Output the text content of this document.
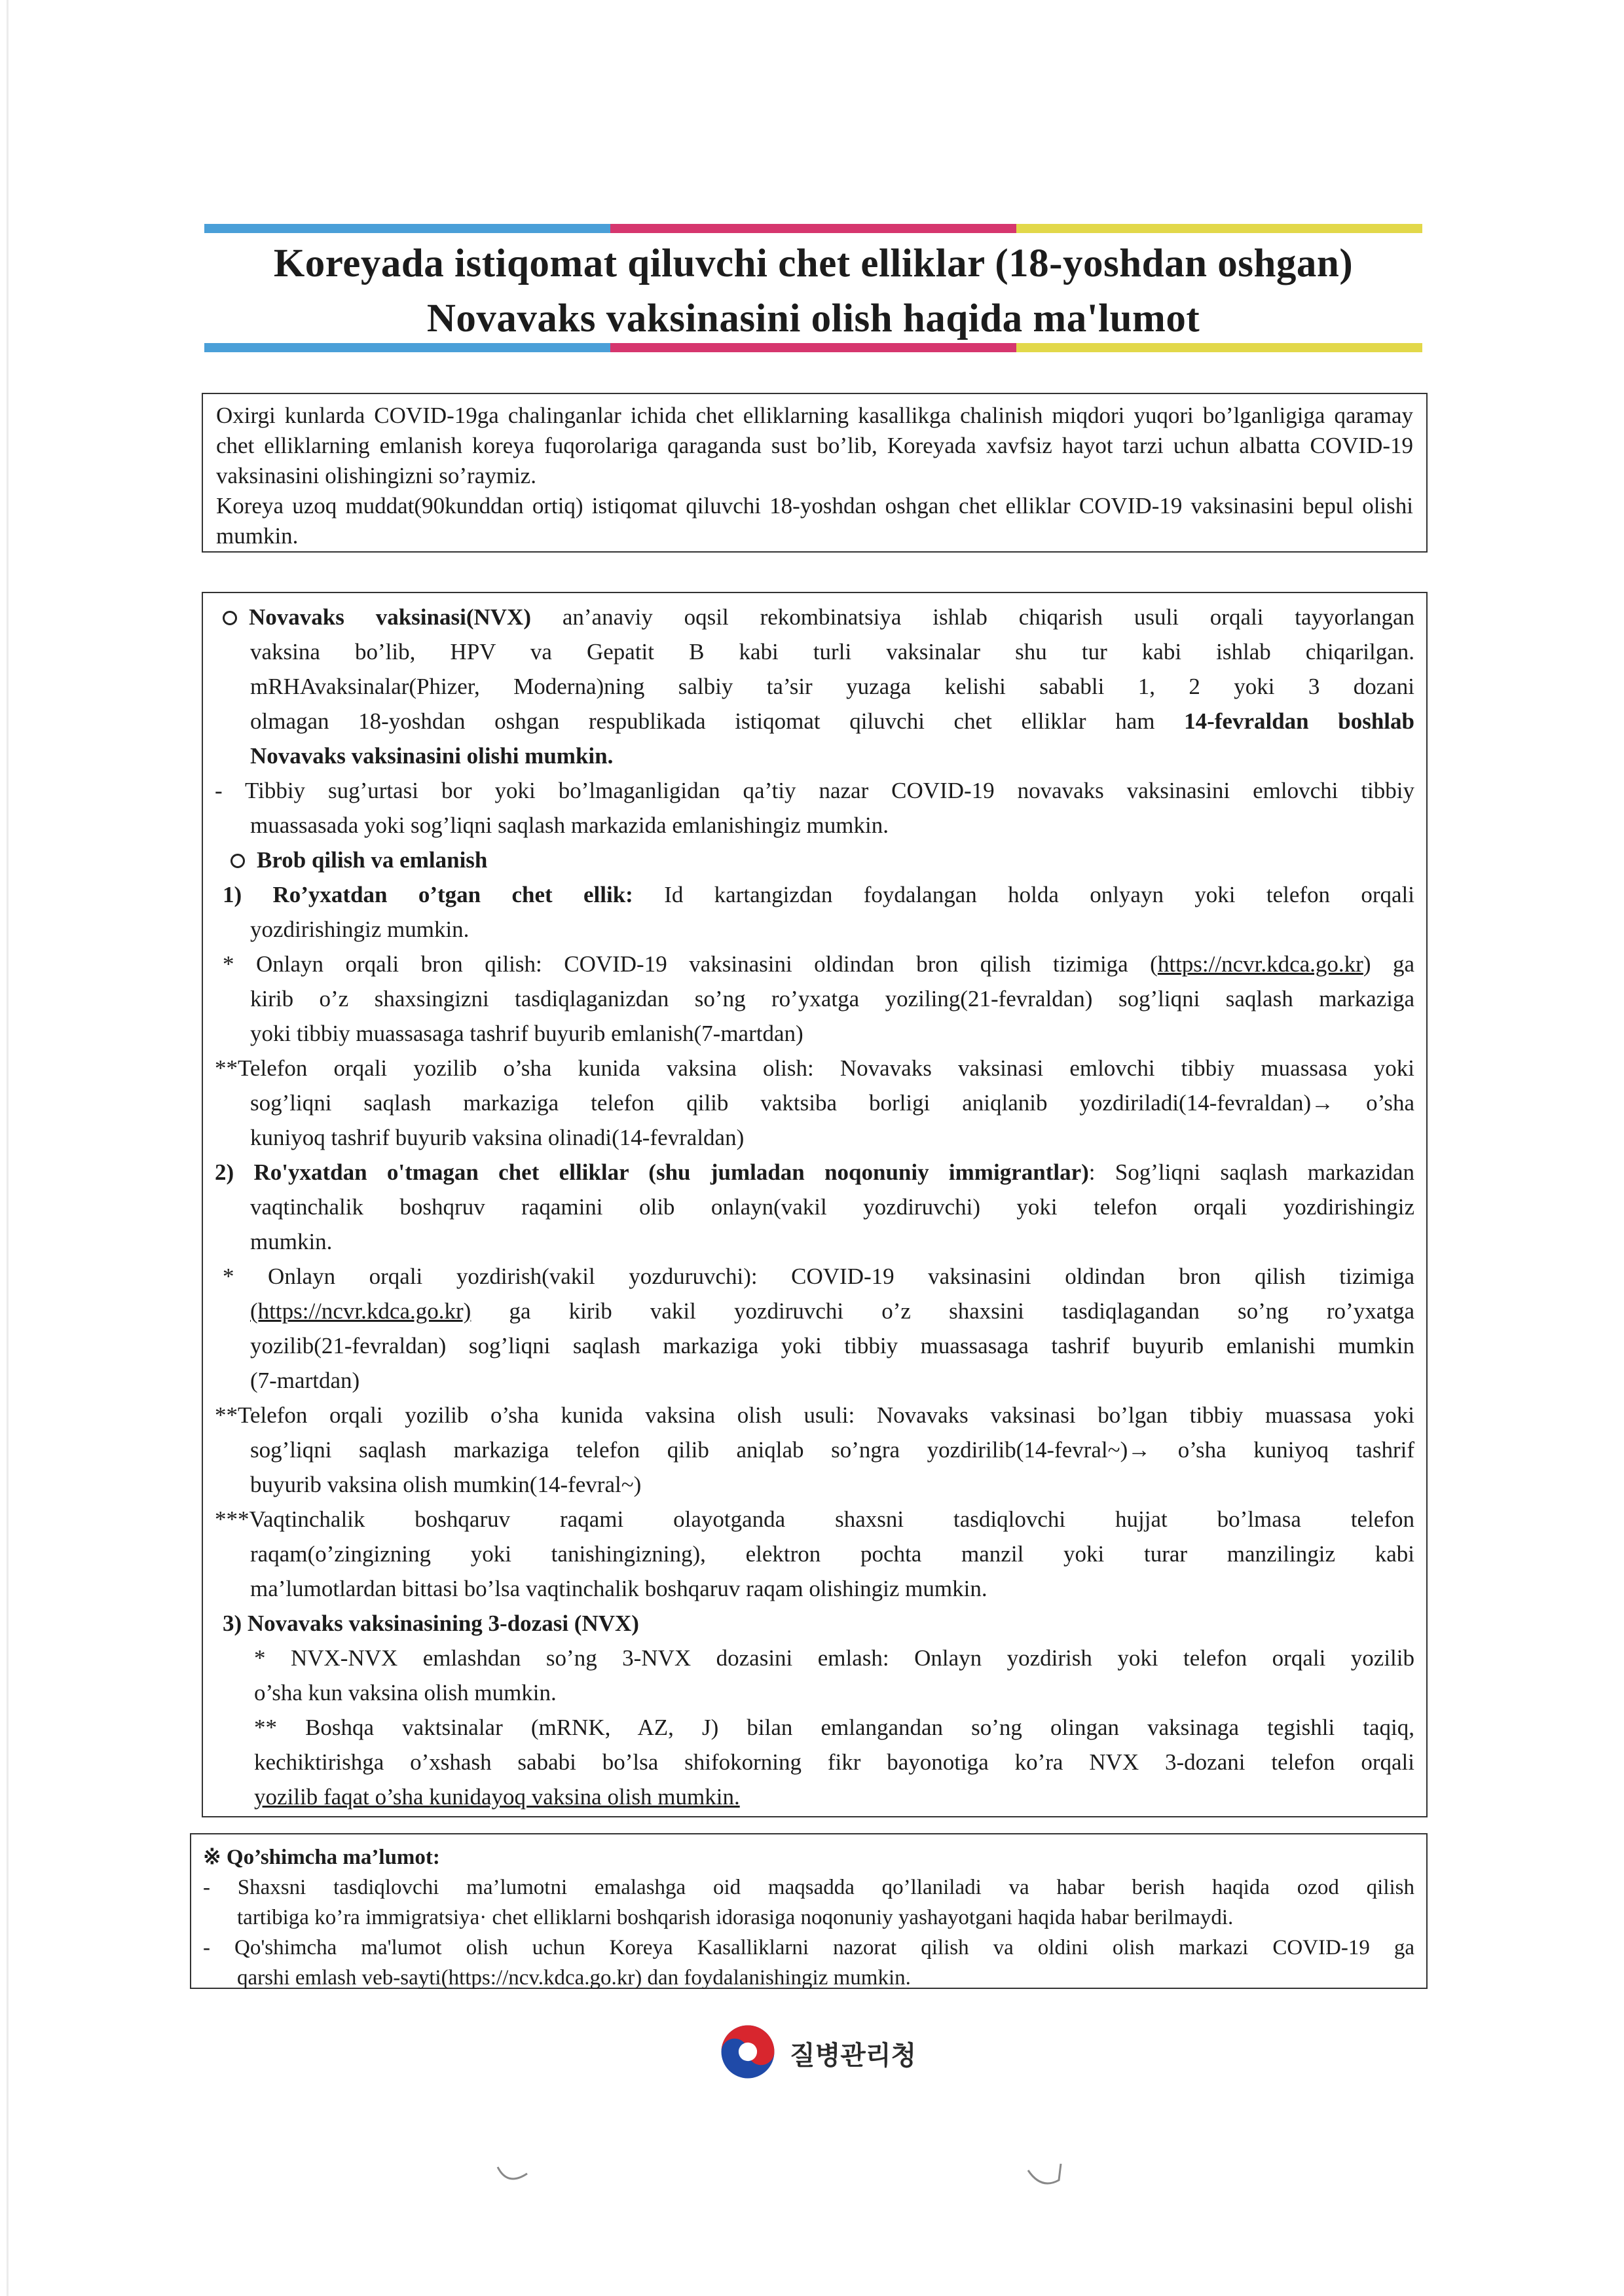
Koreyada istiqomat qiluvchi chet elliklar (18-yoshdan oshgan)
Novavaks vaksinasini olish haqida ma'lumot

Oxirgi kunlarda COVID-19ga chalinganlar ichida chet elliklarning kasallikga chalinish miqdori yuqori bo’lganligiga qaramay chet elliklarning emlanish koreya fuqorolariga qaraganda sust bo’lib, Koreyada xavfsiz hayot tarzi uchun albatta COVID-19 vaksinasini olishingizni so’raymiz.

Koreya uzoq muddat(90kunddan ortiq) istiqomat qiluvchi 18-yoshdan oshgan chet elliklar COVID-19 vaksinasini bepul olishi mumkin.

Novavaks vaksinasi(NVX) an’anaviy oqsil rekombinatsiya ishlab chiqarish usuli orqali tayyorlangan
vaksina bo’lib, HPV va Gepatit B kabi turli vaksinalar shu tur kabi ishlab chiqarilgan.
mRHAvaksinalar(Phizer, Moderna)ning salbiy ta’sir yuzaga kelishi sababli 1, 2 yoki 3 dozani
olmagan 18-yoshdan oshgan respublikada istiqomat qiluvchi chet elliklar ham 14-fevraldan boshlab
Novavaks vaksinasini olishi mumkin.
- Tibbiy sug’urtasi bor yoki bo’lmaganligidan qa’tiy nazar COVID-19 novavaks vaksinasini emlovchi tibbiy
muassasada yoki sog’liqni saqlash markazida emlanishingiz mumkin.
Brob qilish va emlanish
1) Ro’yxatdan o’tgan chet ellik: Id kartangizdan foydalangan holda onlyayn yoki telefon orqali
yozdirishingiz mumkin.
* Onlayn orqali bron qilish: COVID-19 vaksinasini oldindan bron qilish tizimiga (https://ncvr.kdca.go.kr) ga
kirib o’z shaxsingizni tasdiqlaganizdan so’ng ro’yxatga yoziling(21-fevraldan) sog’liqni saqlash markaziga
yoki tibbiy muassasaga tashrif buyurib emlanish(7-martdan)
**Telefon orqali yozilib o’sha kunida vaksina olish: Novavaks vaksinasi emlovchi tibbiy muassasa yoki
sog’liqni saqlash markaziga telefon qilib vaktsiba borligi aniqlanib yozdiriladi(14-fevraldan)→ o’sha
kuniyoq tashrif buyurib vaksina olinadi(14-fevraldan)
2) Ro'yxatdan o'tmagan chet elliklar (shu jumladan noqonuniy immigrantlar): Sog’liqni saqlash markazidan
vaqtinchalik boshqruv raqamini olib onlayn(vakil yozdiruvchi) yoki telefon orqali yozdirishingiz
mumkin.
* Onlayn orqali yozdirish(vakil yozduruvchi): COVID-19 vaksinasini oldindan bron qilish tizimiga
(https://ncvr.kdca.go.kr) ga kirib vakil yozdiruvchi o’z shaxsini tasdiqlagandan so’ng ro’yxatga
yozilib(21-fevraldan) sog’liqni saqlash markaziga yoki tibbiy muassasaga tashrif buyurib emlanishi mumkin
(7-martdan)
**Telefon orqali yozilib o’sha kunida vaksina olish usuli: Novavaks vaksinasi bo’lgan tibbiy muassasa yoki
sog’liqni saqlash markaziga telefon qilib aniqlab so’ngra yozdirilib(14-fevral~)→ o’sha kuniyoq tashrif
buyurib vaksina olish mumkin(14-fevral~)
***Vaqtinchalik boshqaruv raqami olayotganda shaxsni tasdiqlovchi hujjat bo’lmasa telefon
raqam(o’zingizning yoki tanishingizning), elektron pochta manzil yoki turar manzilingiz kabi
ma’lumotlardan bittasi bo’lsa vaqtinchalik boshqaruv raqam olishingiz mumkin.
3) Novavaks vaksinasining 3-dozasi (NVX)
* NVX-NVX emlashdan so’ng 3-NVX dozasini emlash: Onlayn yozdirish yoki telefon orqali yozilib
o’sha kun vaksina olish mumkin.
** Boshqa vaktsinalar (mRNK, AZ, J) bilan emlangandan so’ng olingan vaksinaga tegishli taqiq,
kechiktirishga o’xshash sababi bo’lsa shifokorning fikr bayonotiga ko’ra NVX 3-dozani telefon orqali
yozilib faqat o’sha kunidayoq vaksina olish mumkin.
※ Qo’shimcha ma’lumot:
- Shaxsni tasdiqlovchi ma’lumotni emalashga oid maqsadda qo’llaniladi va habar berish haqida ozod qilish
tartibiga ko’ra immigratsiya· chet elliklarni boshqarish idorasiga noqonuniy yashayotgani haqida habar berilmaydi.
- Qo'shimcha ma'lumot olish uchun Koreya Kasalliklarni nazorat qilish va oldini olish markazi COVID-19 ga
qarshi emlash veb-sayti(https://ncv.kdca.go.kr) dan foydalanishingiz mumkin.
질병관리청
